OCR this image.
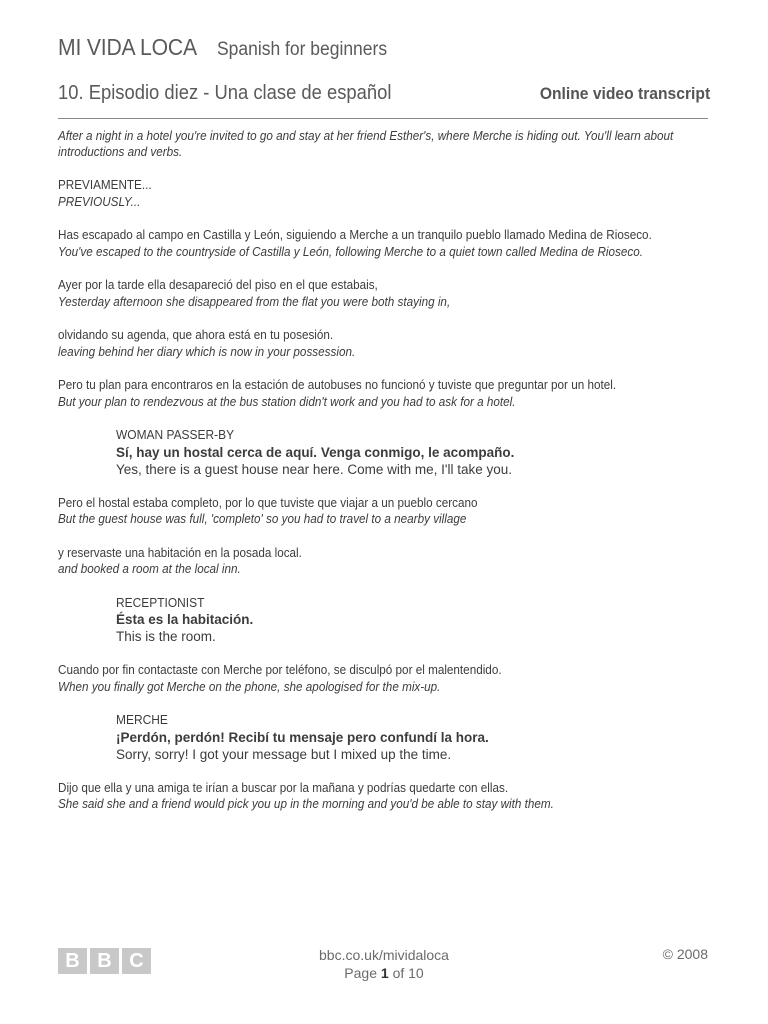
MI VIDA LOCA Spanish for beginners
10. Episodio diez - Una clase de español	Online video transcript

After a night in a hotel you're invited to go and stay at her friend Esther's, where Merche is hiding out. You'll learn about introductions and verbs.

PREVIAMENTE...
PREVIOUSLY...
Has escapado al campo en Castilla y León, siguiendo a Merche a un tranquilo pueblo llamado Medina de Rioseco.
You've escaped to the countryside of Castilla y León, following Merche to a quiet town called Medina de Rioseco.
Ayer por la tarde ella desapareció del piso en el que estabais,
Yesterday afternoon she disappeared from the flat you were both staying in,
olvidando su agenda, que ahora está en tu posesión.
leaving behind her diary which is now in your possession.
Pero tu plan para encontraros en la estación de autobuses no funcionó y tuviste que preguntar por un hotel.
But your plan to rendezvous at the bus station didn't work and you had to ask for a hotel.
WOMAN PASSER-BY
Sí, hay un hostal cerca de aquí. Venga conmigo, le acompaño.
Yes, there is a guest house near here. Come with me, I'll take you.
Pero el hostal estaba completo, por lo que tuviste que viajar a un pueblo cercano
But the guest house was full, 'completo' so you had to travel to a nearby village
y reservaste una habitación en la posada local.
and booked a room at the local inn.
RECEPTIONIST
Ésta es la habitación.
This is the room.
Cuando por fin contactaste con Merche por teléfono, se disculpó por el malentendido.
When you finally got Merche on the phone, she apologised for the mix-up.
MERCHE
¡Perdón, perdón! Recibí tu mensaje pero confundí la hora.
Sorry, sorry! I got your message but I mixed up the time.
Dijo que ella y una amiga te irían a buscar por la mañana y podrías quedarte con ellas.
She said she and a friend would pick you up in the morning and you'd be able to stay with them.
B B C	bbc.co.uk/mividaloca
Page 1 of 10
© 2008
